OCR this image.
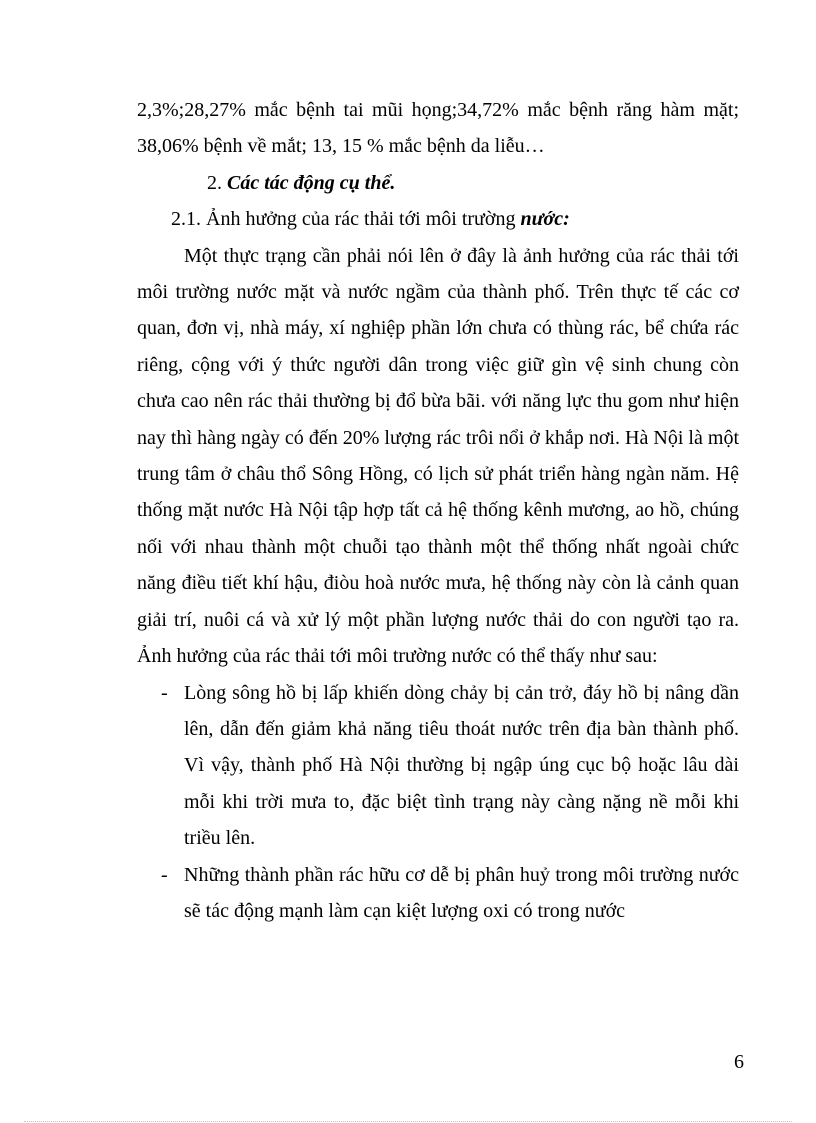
2,3%;28,27% mắc bệnh tai mũi họng;34,72% mắc bệnh răng hàm mặt; 38,06% bệnh về mắt; 13, 15 % mắc bệnh da liễu…

2. Các tác động cụ thể.

2.1. Ảnh hưởng của rác thải tới môi trường nước:

Một thực trạng cần phải nói lên ở đây là ảnh hưởng của rác thải tới môi trường nước mặt và nước ngầm của thành phố. Trên thực tế các cơ quan, đơn vị, nhà máy, xí nghiệp phần lớn chưa có thùng rác, bể chứa rác riêng, cộng với ý thức người dân trong việc giữ gìn vệ sinh chung còn chưa cao nên rác thải thường bị đổ bừa bãi. với năng lực thu gom như hiện nay thì hàng ngày có đến 20% lượng rác trôi nổi ở khắp nơi. Hà Nội là một trung tâm ở châu thổ Sông Hồng, có lịch sử phát triển hàng ngàn năm. Hệ thống mặt nước Hà Nội tập hợp tất cả hệ thống kênh mương, ao hồ, chúng nối với nhau thành một chuỗi tạo thành một thể thống nhất ngoài chức năng điều tiết khí hậu, điòu hoà nước mưa, hệ thống này còn là cảnh quan giải trí, nuôi cá và xử lý một phần lượng nước thải do con người tạo ra. Ảnh hưởng của rác thải tới môi trường nước có thể thấy như sau:

- Lòng sông hồ bị lấp khiến dòng chảy bị cản trở, đáy hồ bị nâng dần lên, dẫn đến giảm khả năng tiêu thoát nước trên địa bàn thành phố. Vì vậy, thành phố Hà Nội thường bị ngập úng cục bộ hoặc lâu dài mỗi khi trời mưa to, đặc biệt tình trạng này càng nặng nề mỗi khi triều lên.

- Những thành phần rác hữu cơ dễ bị phân huỷ trong môi trường nước sẽ tác động mạnh làm cạn kiệt lượng oxi có trong nước

6
